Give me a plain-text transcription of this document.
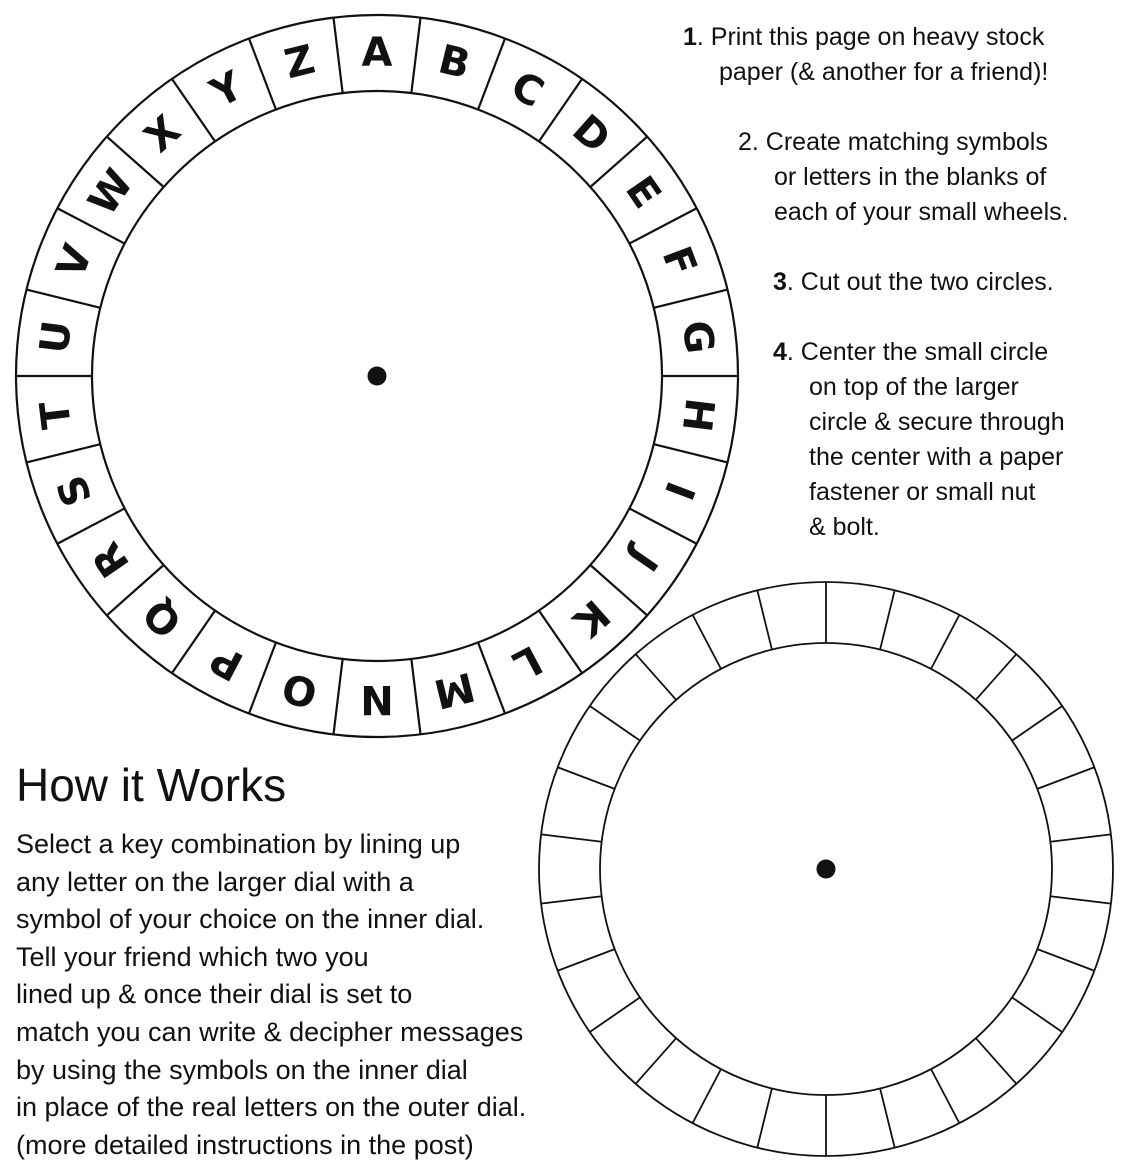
A B
C
D
E
F
G
H
I
J
K
L
M
N
O
P
Q
R
S
T
U
V
W
X
Y
Z	1. Print this page on heavy stock
paper (& another for a friend)!
2. Create matching symbols
or letters in the blanks of
each of your small wheels.
3. Cut out the two circles.
4. Center the small circle
on top of the larger
circle & secure through
the center with a paper
fastener or small nut
& bolt.
How it Works
Select a key combination by lining up
any letter on the larger dial with a
symbol of your choice on the inner dial.
Tell your friend which two you
lined up & once their dial is set to
match you can write & decipher messages
by using the symbols on the inner dial
in place of the real letters on the outer dial.
(more detailed instructions in the post)
